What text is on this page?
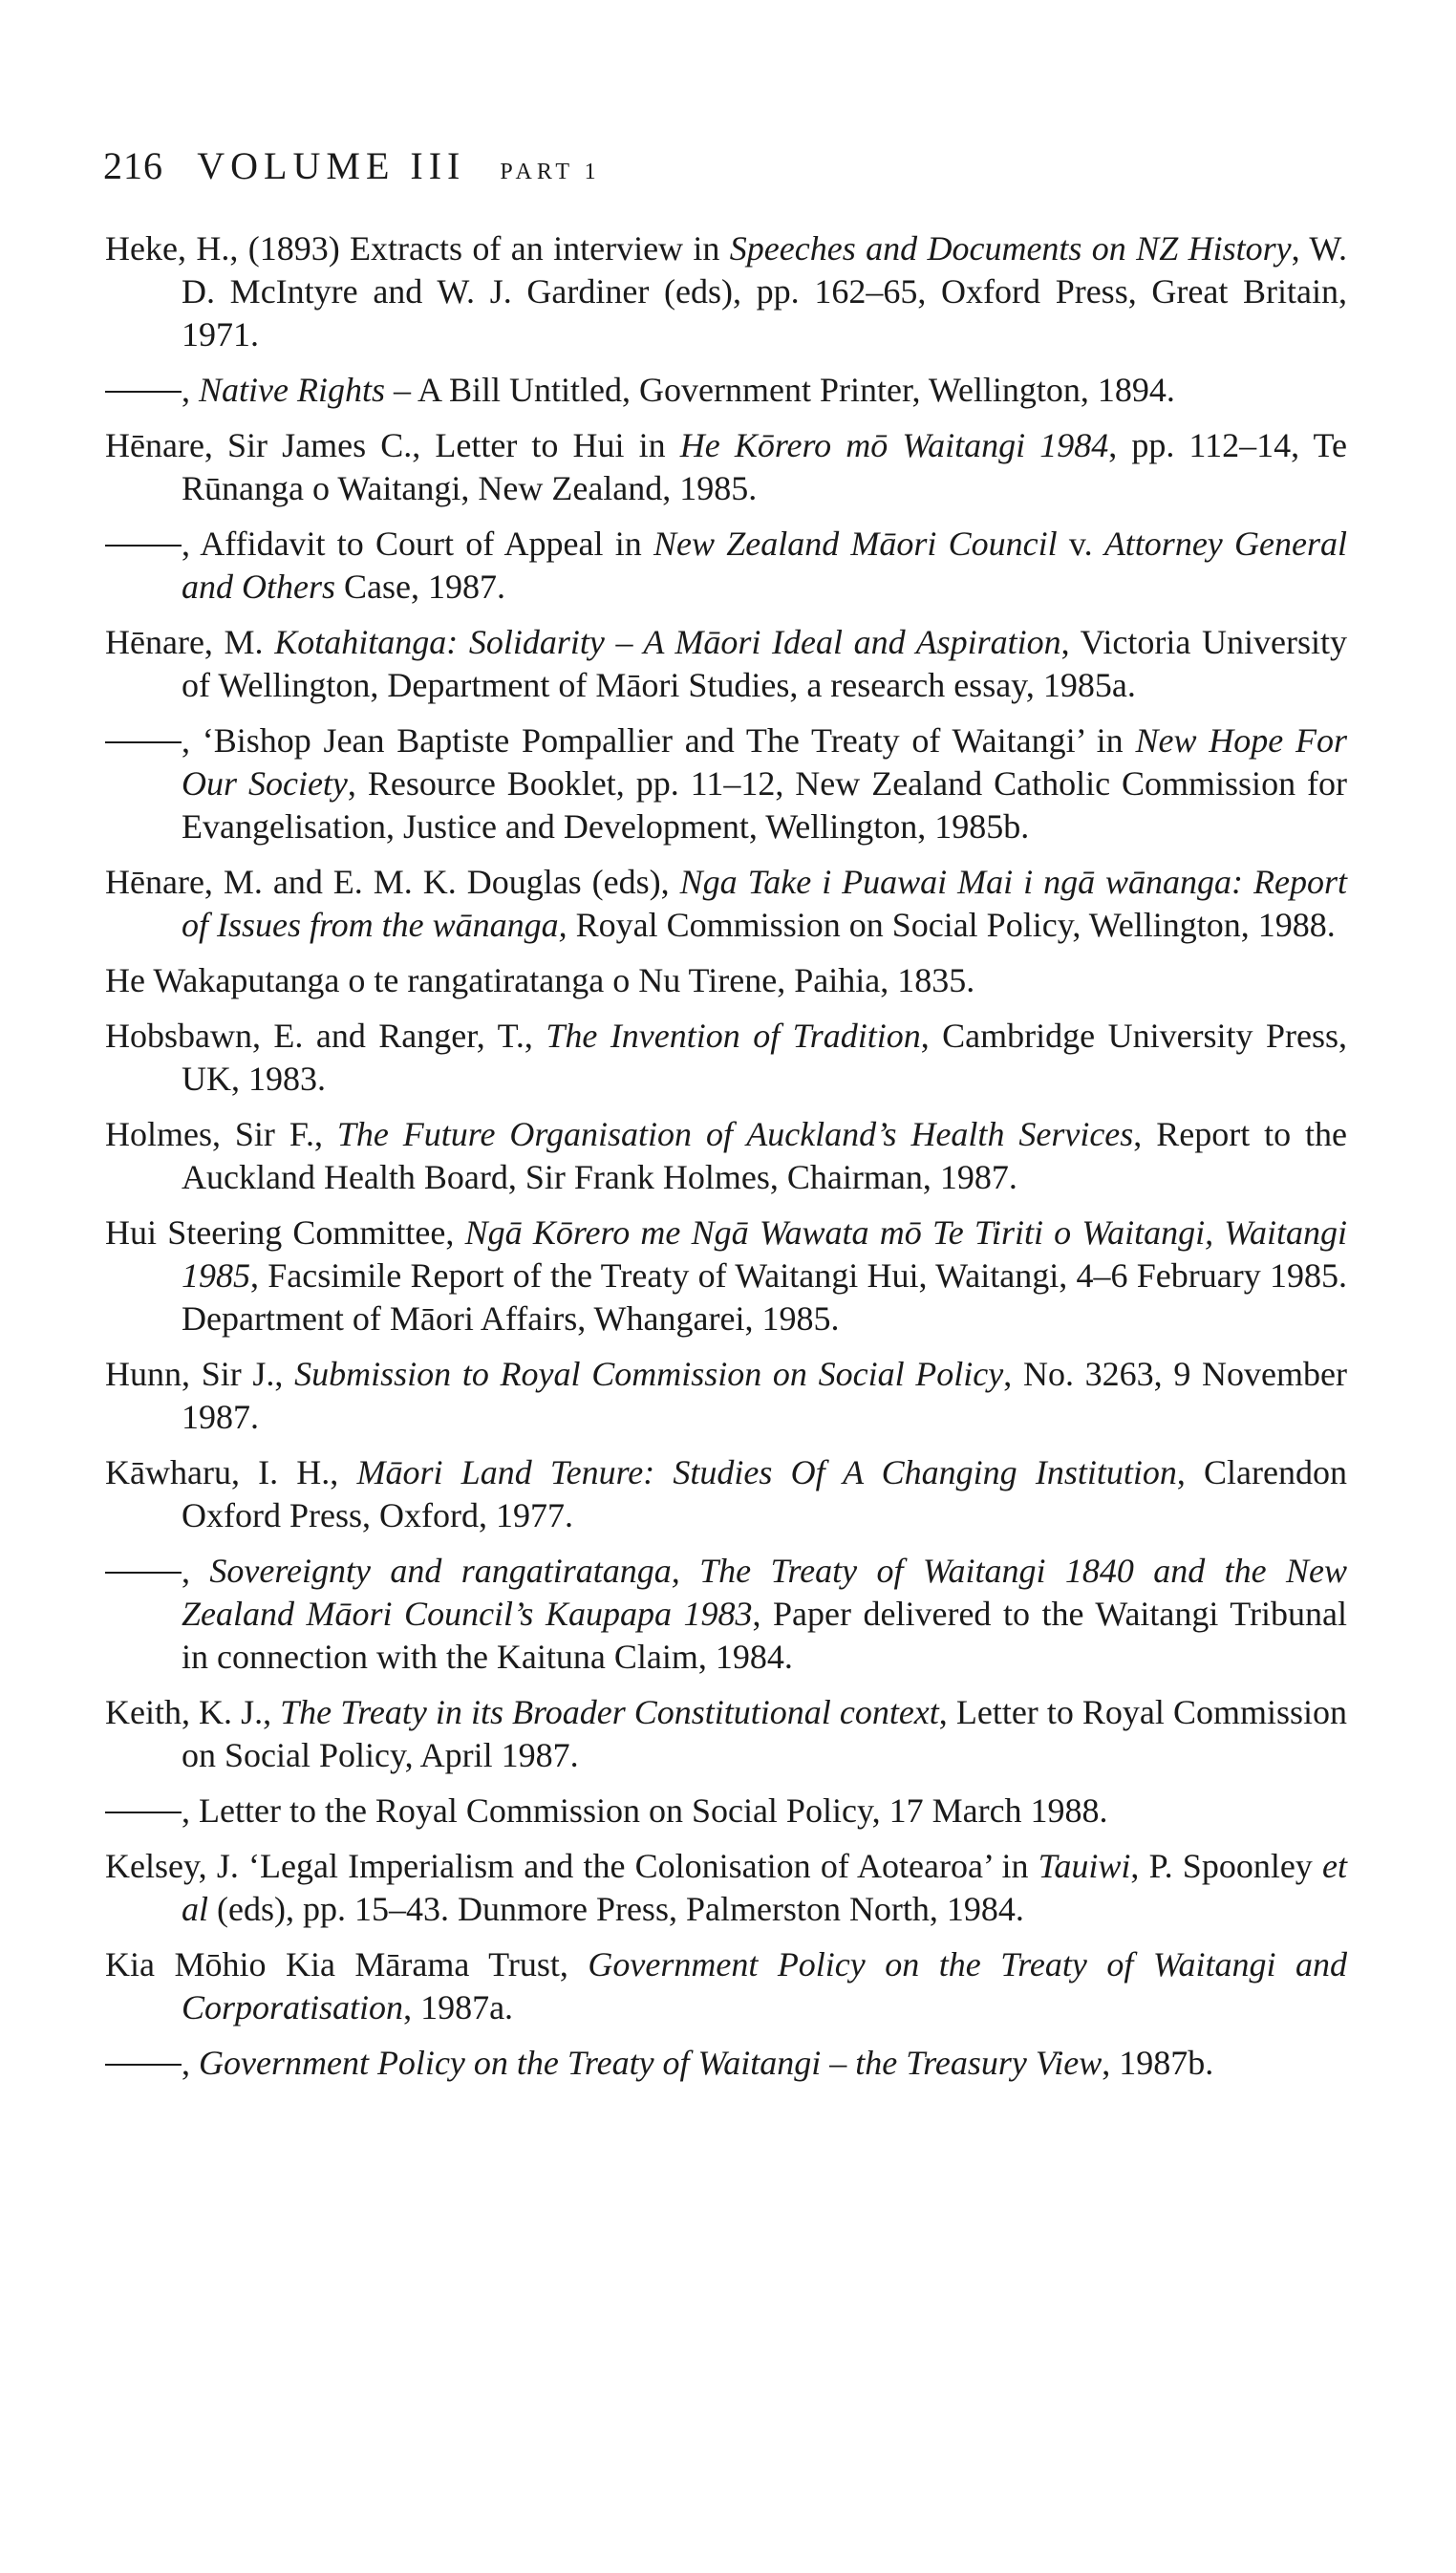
216 VOLUME III PART 1

Heke, H., (1893) Extracts of an interview in Speeches and Documents on NZ History, W. D. McIntyre and W. J. Gardiner (eds), pp. 162–65, Oxford Press, Great Britain, 1971.

, Native Rights – A Bill Untitled, Government Printer, Wellington, 1894.

Hēnare, Sir James C., Letter to Hui in He Kōrero mō Waitangi 1984, pp. 112–14, Te Rūnanga o Waitangi, New Zealand, 1985.

, Affidavit to Court of Appeal in New Zealand Māori Council v. Attorney General and Others Case, 1987.

Hēnare, M. Kotahitanga: Solidarity – A Māori Ideal and Aspiration, Victoria University of Wellington, Department of Māori Studies, a research essay, 1985a.

, ‘Bishop Jean Baptiste Pompallier and The Treaty of Waitangi’ in New Hope For Our Society, Resource Booklet, pp. 11–12, New Zealand Catholic Commission for Evangelisation, Justice and Development, Wellington, 1985b.

Hēnare, M. and E. M. K. Douglas (eds), Nga Take i Puawai Mai i ngā wānanga: Report of Issues from the wānanga, Royal Commission on Social Policy, Wellington, 1988.

He Wakaputanga o te rangatiratanga o Nu Tirene, Paihia, 1835.

Hobsbawn, E. and Ranger, T., The Invention of Tradition, Cambridge University Press, UK, 1983.

Holmes, Sir F., The Future Organisation of Auckland’s Health Services, Report to the Auckland Health Board, Sir Frank Holmes, Chairman, 1987.

Hui Steering Committee, Ngā Kōrero me Ngā Wawata mō Te Tiriti o Waitangi, Waitangi 1985, Facsimile Report of the Treaty of Waitangi Hui, Waitangi, 4–6 February 1985. Department of Māori Affairs, Whangarei, 1985.

Hunn, Sir J., Submission to Royal Commission on Social Policy, No. 3263, 9 November 1987.

Kāwharu, I. H., Māori Land Tenure: Studies Of A Changing Institution, Clarendon Oxford Press, Oxford, 1977.

, Sovereignty and rangatiratanga, The Treaty of Waitangi 1840 and the New Zealand Māori Council’s Kaupapa 1983, Paper delivered to the Waitangi Tribunal in connection with the Kaituna Claim, 1984.

Keith, K. J., The Treaty in its Broader Constitutional context, Letter to Royal Commission on Social Policy, April 1987.

, Letter to the Royal Commission on Social Policy, 17 March 1988.

Kelsey, J. ‘Legal Imperialism and the Colonisation of Aotearoa’ in Tauiwi, P. Spoonley et al (eds), pp. 15–43. Dunmore Press, Palmerston North, 1984.

Kia Mōhio Kia Mārama Trust, Government Policy on the Treaty of Waitangi and Corporatisation, 1987a.

, Government Policy on the Treaty of Waitangi – the Treasury View, 1987b.
